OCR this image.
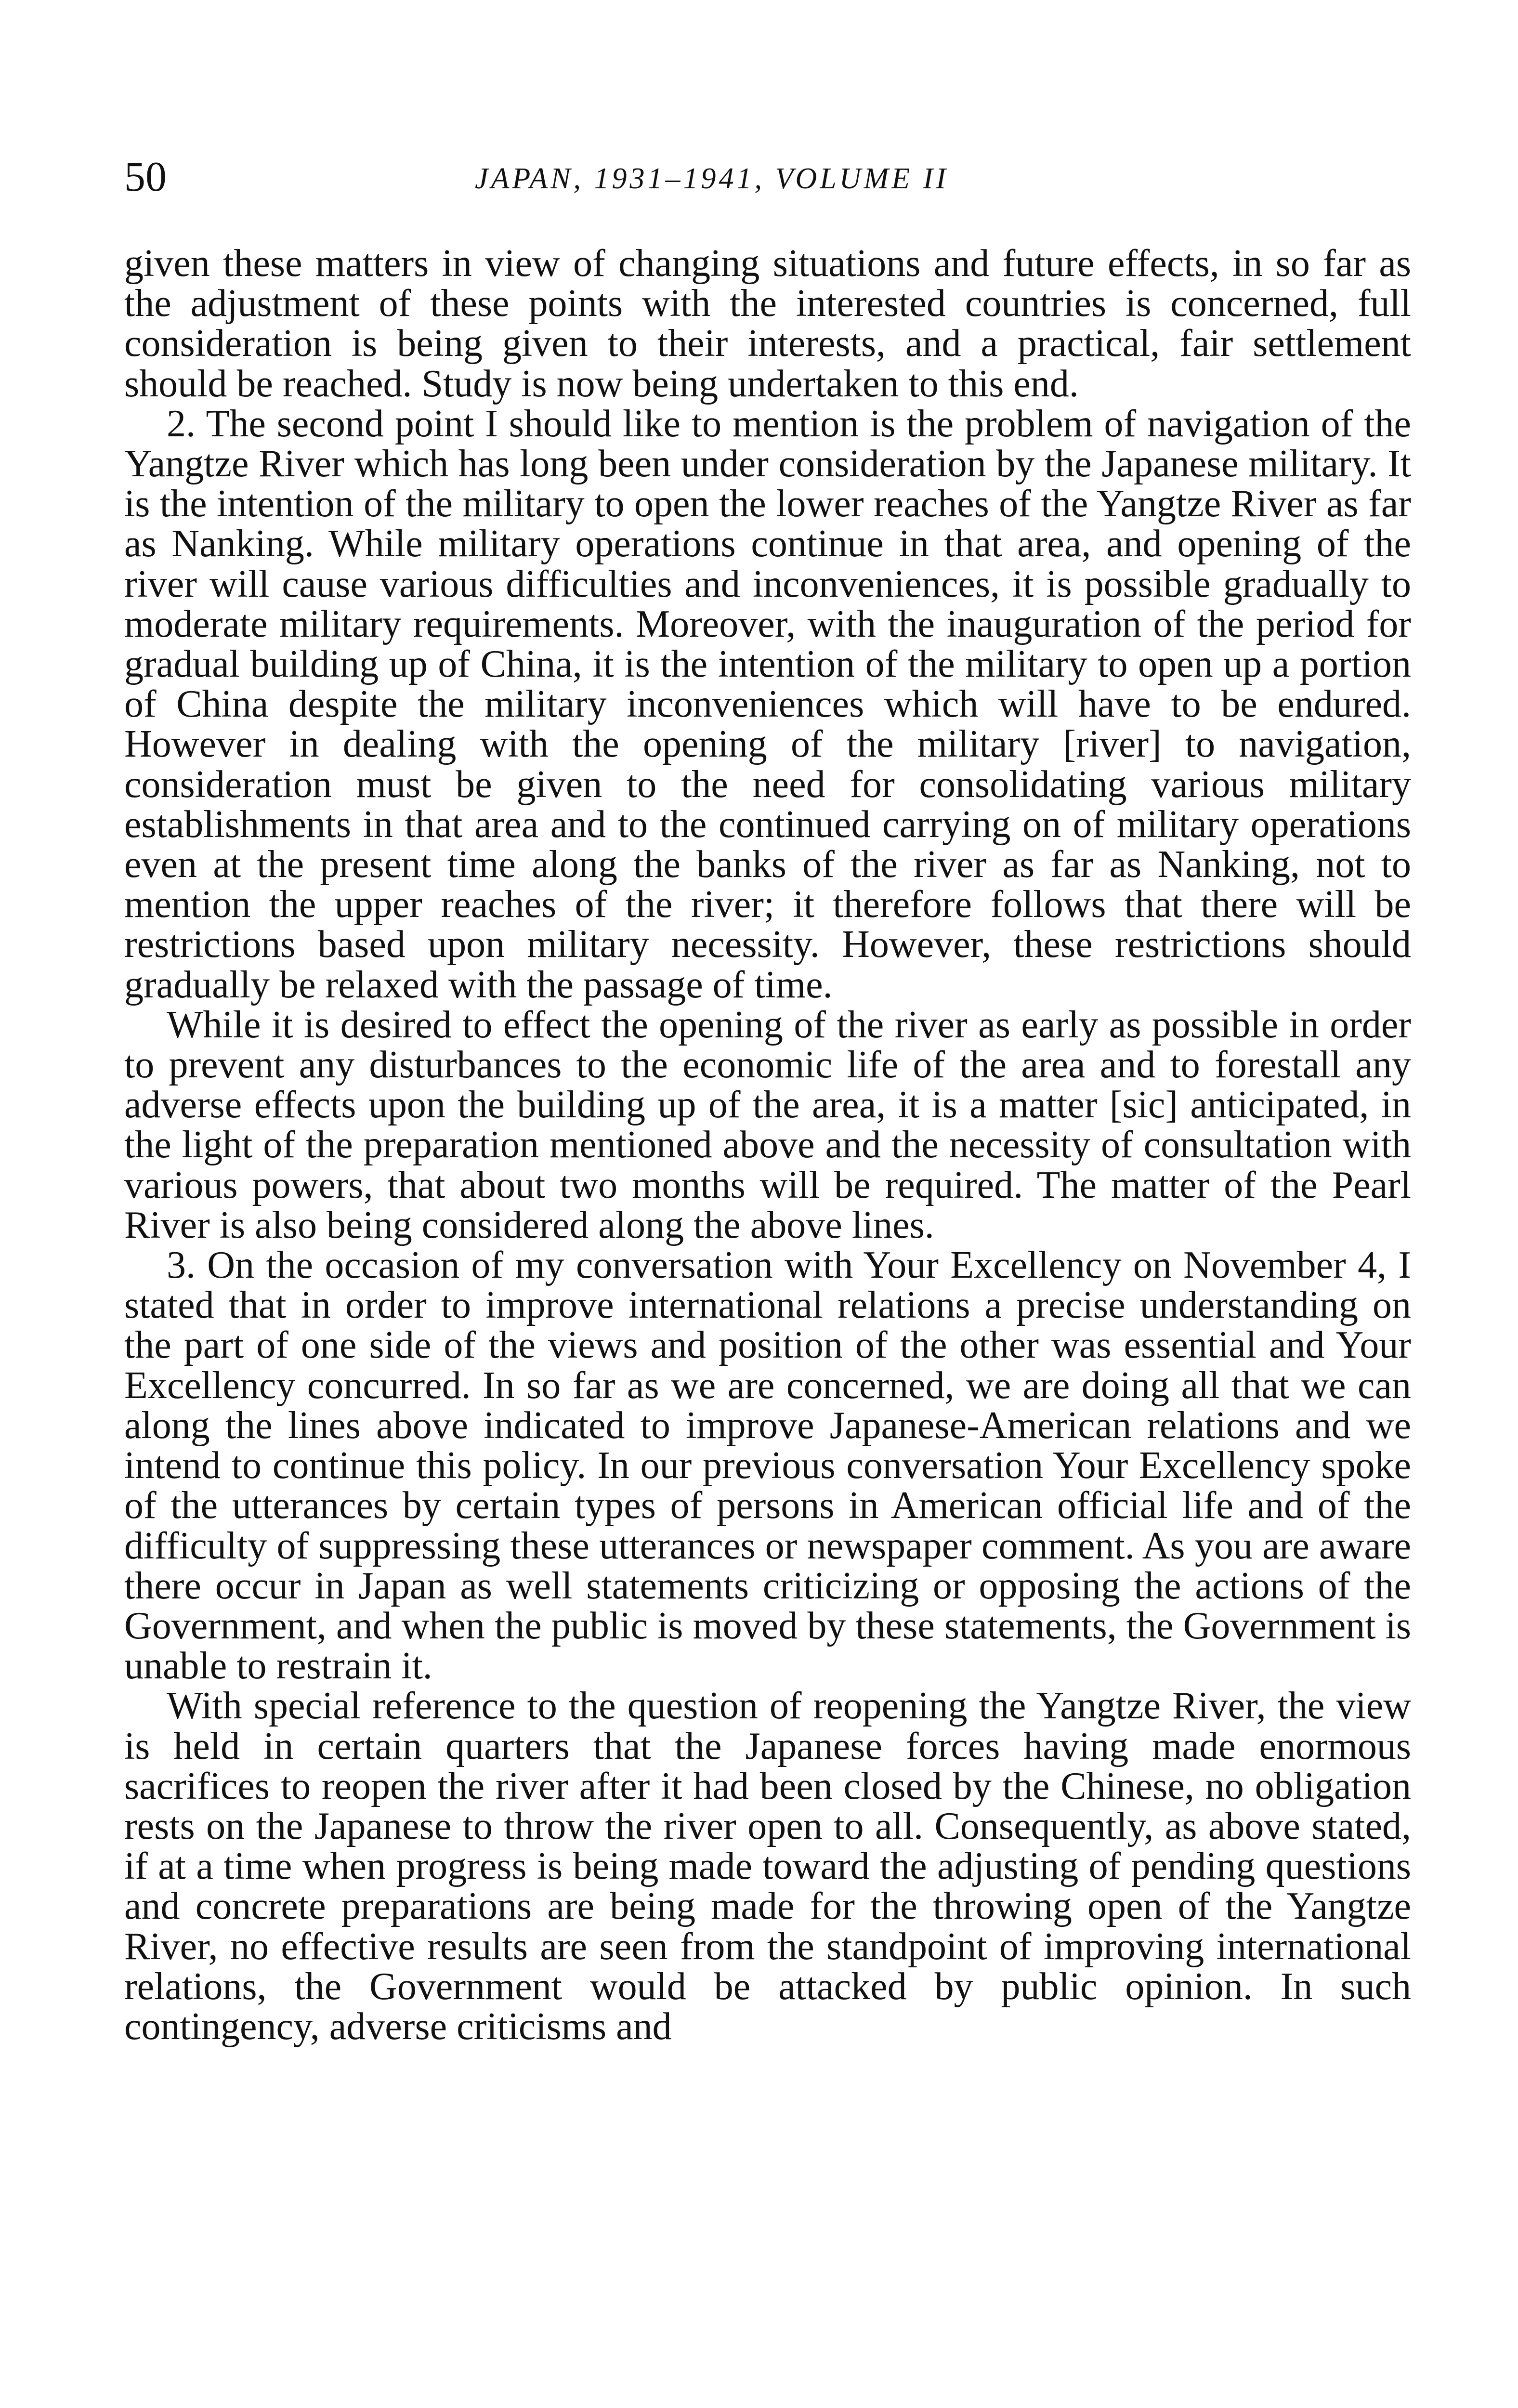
50	JAPAN, 1931–1941, VOLUME II

given these matters in view of changing situations and future effects, in so far as the adjustment of these points with the interested countries is concerned, full consideration is being given to their interests, and a practical, fair settlement should be reached. Study is now being undertaken to this end.

2. The second point I should like to mention is the problem of navigation of the Yangtze River which has long been under consideration by the Japanese military. It is the intention of the military to open the lower reaches of the Yangtze River as far as Nanking. While military operations continue in that area, and opening of the river will cause various difficulties and inconveniences, it is possible gradually to moderate military requirements. Moreover, with the inauguration of the period for gradual building up of China, it is the intention of the military to open up a portion of China despite the military inconveniences which will have to be endured. However in dealing with the opening of the military [river] to navigation, consideration must be given to the need for consolidating various military establishments in that area and to the continued carrying on of military operations even at the present time along the banks of the river as far as Nanking, not to mention the upper reaches of the river; it therefore follows that there will be restrictions based upon military necessity. However, these restrictions should gradually be relaxed with the passage of time.

While it is desired to effect the opening of the river as early as possible in order to prevent any disturbances to the economic life of the area and to forestall any adverse effects upon the building up of the area, it is a matter [sic] anticipated, in the light of the preparation mentioned above and the necessity of consultation with various powers, that about two months will be required. The matter of the Pearl River is also being considered along the above lines.

3. On the occasion of my conversation with Your Excellency on November 4, I stated that in order to improve international relations a precise understanding on the part of one side of the views and position of the other was essential and Your Excellency concurred. In so far as we are concerned, we are doing all that we can along the lines above indicated to improve Japanese-American relations and we intend to continue this policy. In our previous conversation Your Excellency spoke of the utterances by certain types of persons in American official life and of the difficulty of suppressing these utterances or newspaper comment. As you are aware there occur in Japan as well statements criticizing or opposing the actions of the Government, and when the public is moved by these statements, the Government is unable to restrain it.

With special reference to the question of reopening the Yangtze River, the view is held in certain quarters that the Japanese forces having made enormous sacrifices to reopen the river after it had been closed by the Chinese, no obligation rests on the Japanese to throw the river open to all. Consequently, as above stated, if at a time when progress is being made toward the adjusting of pending questions and concrete preparations are being made for the throwing open of the Yangtze River, no effective results are seen from the standpoint of improving international relations, the Government would be attacked by public opinion. In such contingency, adverse criticisms and
